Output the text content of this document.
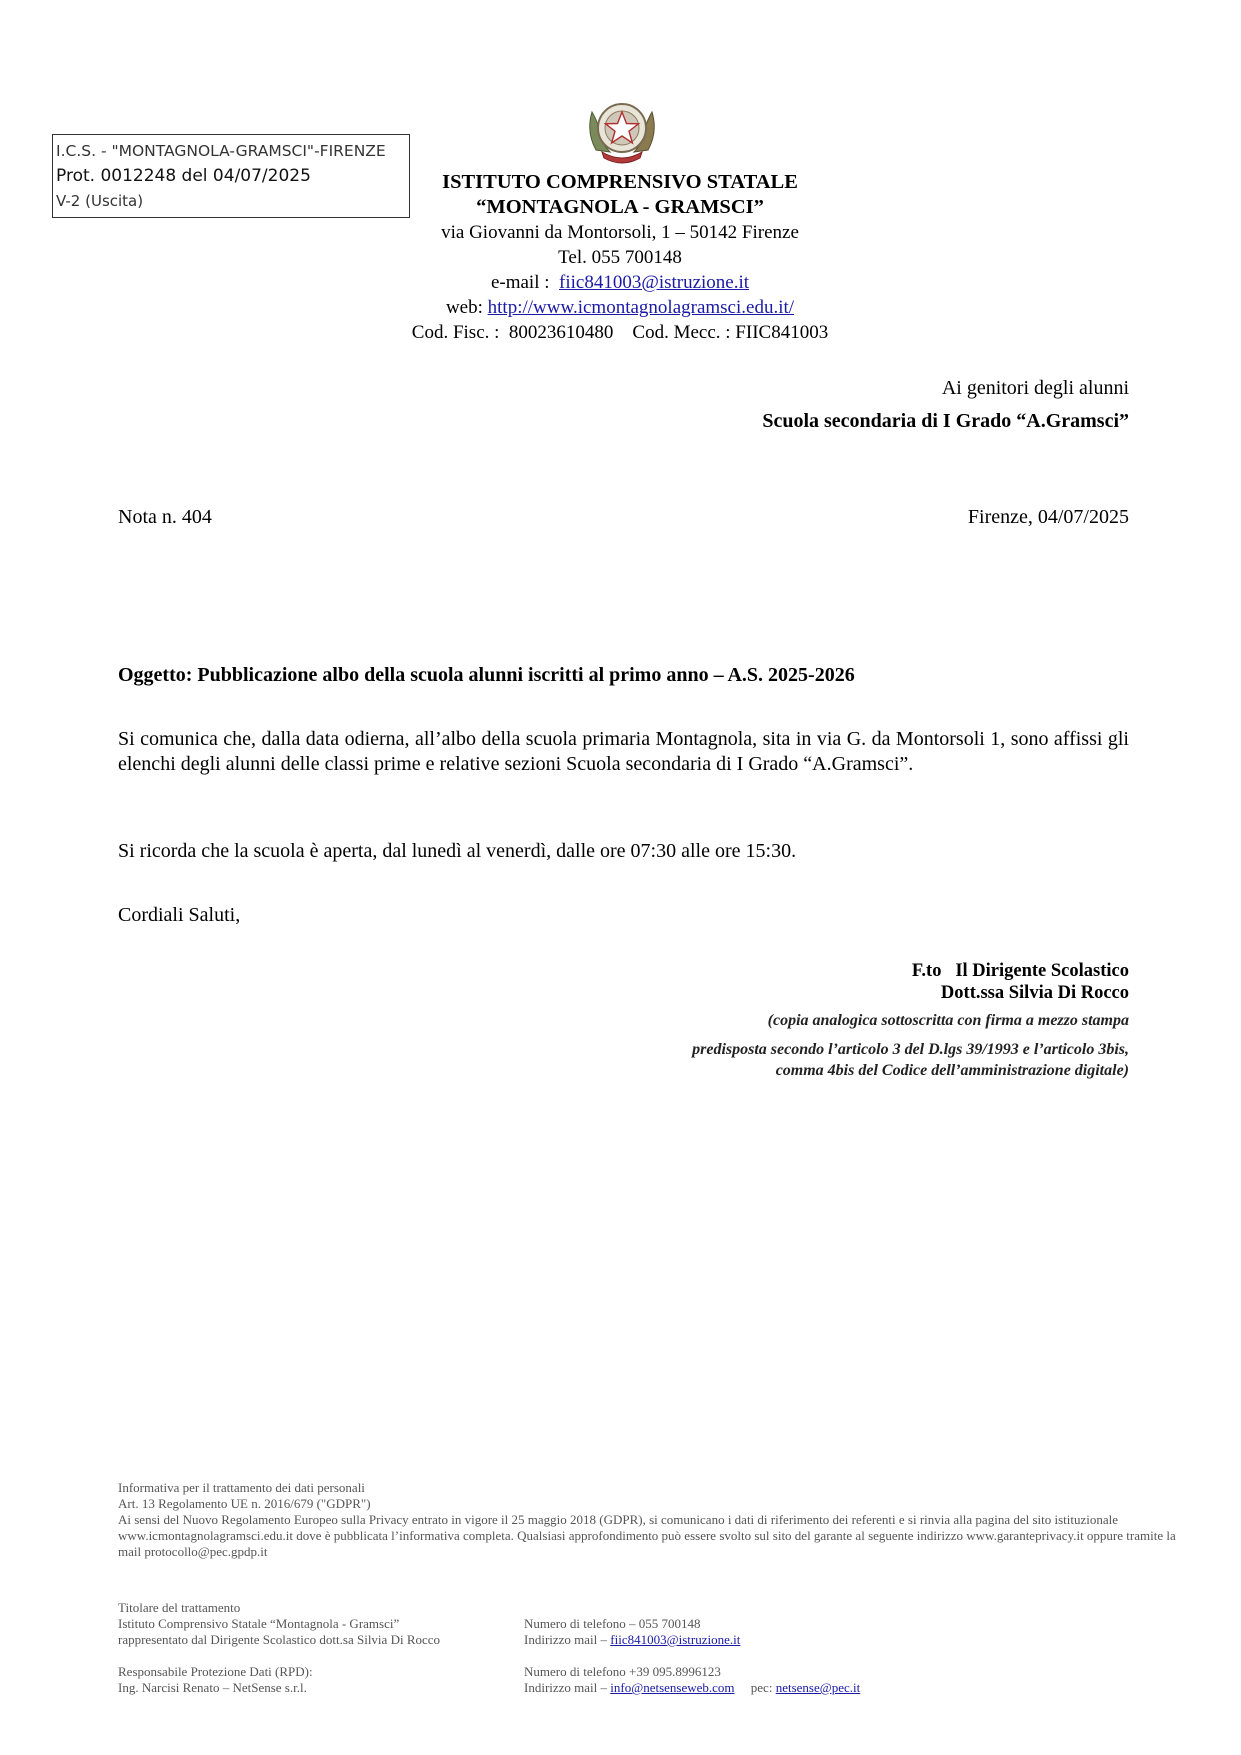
I.C.S. - "MONTAGNOLA-GRAMSCI"-FIRENZE
Prot. 0012248 del 04/07/2025
V-2 (Uscita)
ISTITUTO COMPRENSIVO STATALE
“MONTAGNOLA - GRAMSCI”
via Giovanni da Montorsoli, 1 – 50142 Firenze
Tel. 055 700148
e-mail : fiic841003@istruzione.it
web: http://www.icmontagnolagramsci.edu.it/
Cod. Fisc. :  80023610480    Cod. Mecc. : FIIC841003
Ai genitori degli alunni
Scuola secondaria di I Grado “A.Gramsci”
Nota n. 404	Firenze, 04/07/2025
Oggetto: Pubblicazione albo della scuola alunni iscritti al primo anno – A.S. 2025-2026
Si comunica che, dalla data odierna, all’albo della scuola primaria Montagnola, sita in via G. da Montorsoli 1, sono affissi gli elenchi degli alunni delle classi prime e relative sezioni Scuola secondaria di I Grado “A.Gramsci”.
Si ricorda che la scuola è aperta, dal lunedì al venerdì, dalle ore 07:30 alle ore 15:30.
Cordiali Saluti,
F.to   Il Dirigente Scolastico
Dott.ssa Silvia Di Rocco
(copia analogica sottoscritta con firma a mezzo stampa
predisposta secondo l’articolo 3 del D.lgs 39/1993 e l’articolo 3bis,
comma 4bis del Codice dell’amministrazione digitale)
Informativa per il trattamento dei dati personali
Art. 13 Regolamento UE n. 2016/679 ("GDPR")
Ai sensi del Nuovo Regolamento Europeo sulla Privacy entrato in vigore il 25 maggio 2018 (GDPR), si comunicano i dati di riferimento dei referenti e si rinvia alla pagina del sito istituzionale www.icmontagnolagramsci.edu.it dove è pubblicata l’informativa completa. Qualsiasi approfondimento può essere svolto sul sito del garante al seguente indirizzo www.garanteprivacy.it oppure tramite la mail protocollo@pec.gpdp.it
Titolare del trattamento
Istituto Comprensivo Statale “Montagnola - Gramsci”
rappresentato dal Dirigente Scolastico dott.sa Silvia Di Rocco
Numero di telefono – 055 700148
Indirizzo mail – fiic841003@istruzione.it
Responsabile Protezione Dati (RPD):
Ing. Narcisi Renato – NetSense s.r.l.
Numero di telefono +39 095.8996123
Indirizzo mail – info@netsenseweb.com pec: netsense@pec.it
